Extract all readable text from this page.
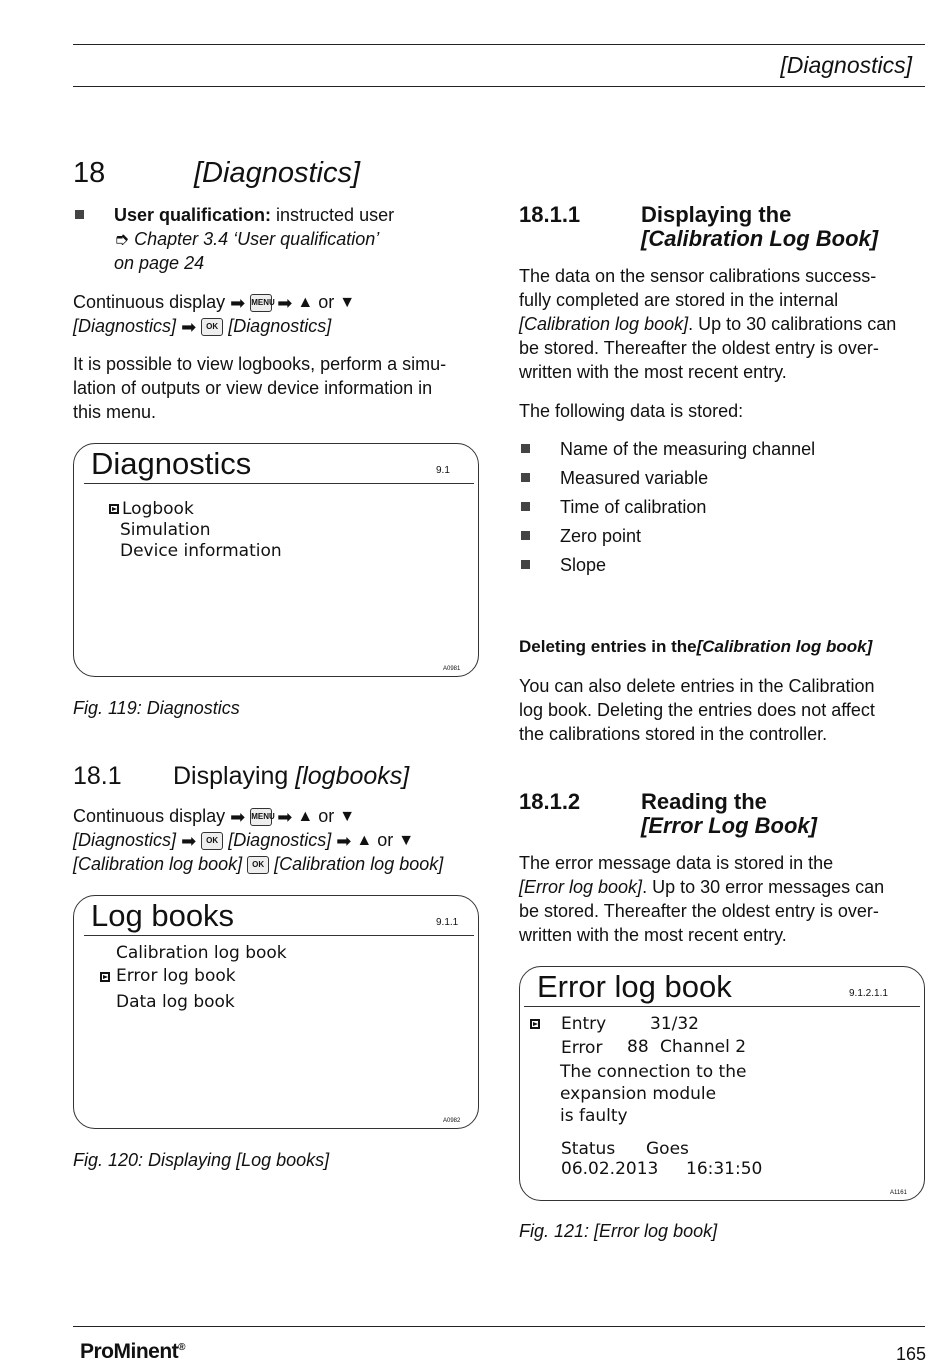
[Diagnostics]
18	[Diagnostics]
User qualification: instructed user
➮ Chapter 3.4 ‘User qualification’
on page 24
Continuous display ➡ MENU ➡ ▲ or ▼
[Diagnostics] ➡ OK [Diagnostics]
It is possible to view logbooks, perform a simu-
lation of outputs or view device information in
this menu.
Diagnostics	9.1
Logbook
Simulation
Device information
A0981
Fig. 119: Diagnostics
18.1 Displaying [logbooks]
Continuous display ➡ MENU ➡ ▲ or ▼
[Diagnostics] ➡ OK [Diagnostics] ➡ ▲ or ▼
[Calibration log book] OK [Calibration log book]
Log books	9.1.1
Calibration log book
Error log book
Data log book
A0982
Fig. 120: Displaying [Log books]
18.1.1	Displaying the
[Calibration Log Book]
The data on the sensor calibrations success-
fully completed are stored in the internal
[Calibration log book]. Up to 30 calibrations can
be stored. Thereafter the oldest entry is over-
written with the most recent entry.
The following data is stored:
Name of the measuring channel
Measured variable
Time of calibration
Zero point
Slope
Deleting entries in the[Calibration log book]
You can also delete entries in the Calibration
log book. Deleting the entries does not affect
the calibrations stored in the controller.
18.1.2	Reading the
[Error Log Book]
The error message data is stored in the
[Error log book]. Up to 30 error messages can
be stored. Thereafter the oldest entry is over-
written with the most recent entry.
Error log book	9.1.2.1.1
Entry	31/32
Error 88 Channel 2
The connection to the
expansion module
is faulty
Status Goes
06.02.2013 16:31:50
A1161
Fig. 121: [Error log book]
ProMinent®	165
